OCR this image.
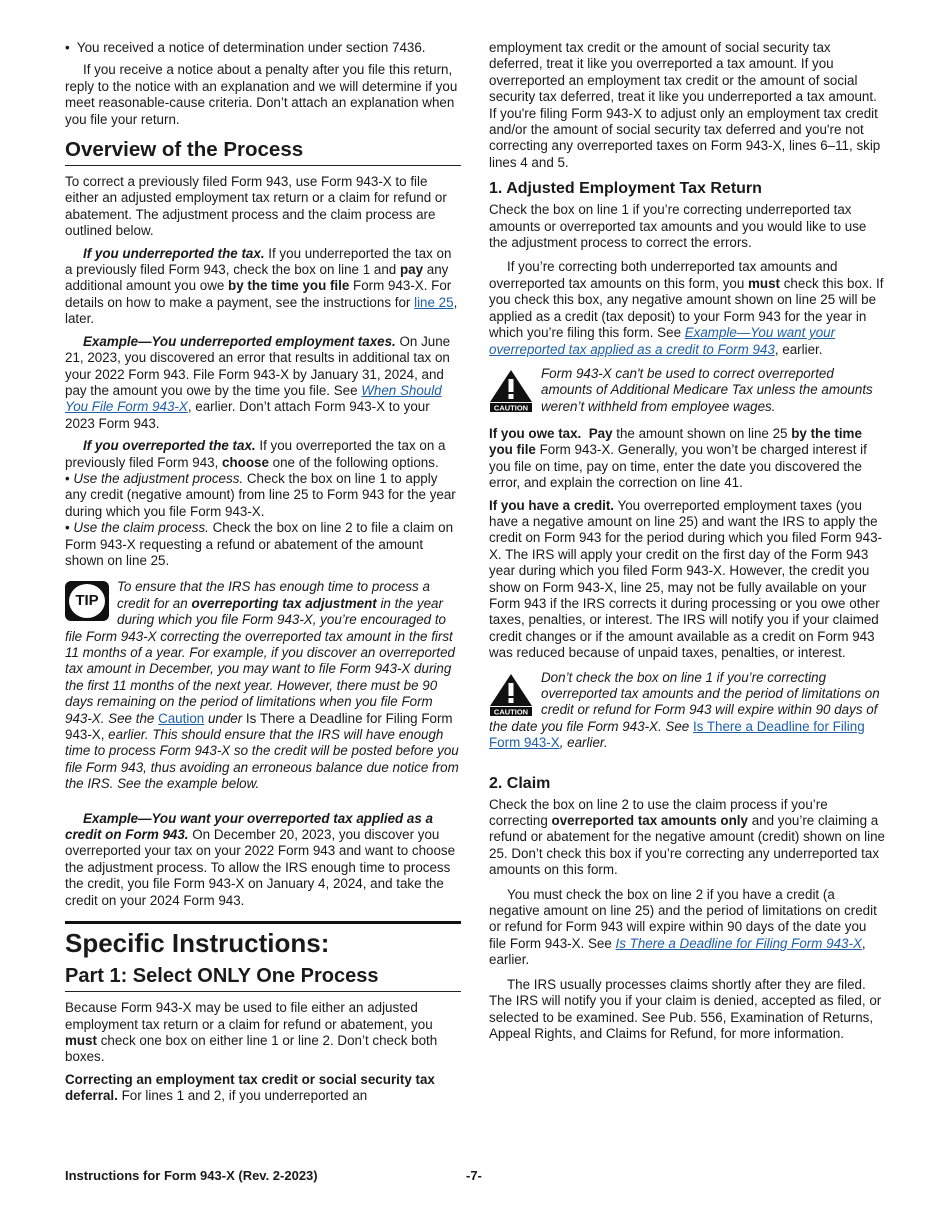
•  You received a notice of determination under section 7436.

If you receive a notice about a penalty after you file this return, reply to the notice with an explanation and we will determine if you meet reasonable-cause criteria. Don’t attach an explanation when you file your return.

Overview of the Process

To correct a previously filed Form 943, use Form 943-X to file either an adjusted employment tax return or a claim for refund or abatement. The adjustment process and the claim process are outlined below.

If you underreported the tax. If you underreported the tax on a previously filed Form 943, check the box on line 1 and pay any additional amount you owe by the time you file Form 943-X. For details on how to make a payment, see the instructions for line 25, later.

Example—You underreported employment taxes. On June 21, 2023, you discovered an error that results in additional tax on your 2022 Form 943. File Form 943-X by January 31, 2024, and pay the amount you owe by the time you file. See When Should You File Form 943-X, earlier. Don’t attach Form 943-X to your 2023 Form 943.

If you overreported the tax. If you overreported the tax on a previously filed Form 943, choose one of the following options.

• Use the adjustment process. Check the box on line 1 to apply any credit (negative amount) from line 25 to Form 943 for the year during which you file Form 943-X.

• Use the claim process. Check the box on line 2 to file a claim on Form 943-X requesting a refund or abatement of the amount shown on line 25.

TIP
To ensure that the IRS has enough time to process a credit for an overreporting tax adjustment in the year during which you file Form 943-X, you’re encouraged to file Form 943-X correcting the overreported tax amount in the first 11 months of a year. For example, if you discover an overreported tax amount in December, you may want to file Form 943-X during the first 11 months of the next year. However, there must be 90 days remaining on the period of limitations when you file Form 943-X. See the Caution under Is There a Deadline for Filing Form 943-X, earlier. This should ensure that the IRS will have enough time to process Form 943-X so the credit will be posted before you file Form 943, thus avoiding an erroneous balance due notice from the IRS. See the example below.

Example—You want your overreported tax applied as a credit on Form 943. On December 20, 2023, you discover you overreported your tax on your 2022 Form 943 and want to choose the adjustment process. To allow the IRS enough time to process the credit, you file Form 943-X on January 4, 2024, and take the credit on your 2024 Form 943.

Specific Instructions:
Part 1: Select ONLY One Process

Because Form 943-X may be used to file either an adjusted employment tax return or a claim for refund or abatement, you must check one box on either line 1 or line 2. Don’t check both boxes.

Correcting an employment tax credit or social security tax deferral. For lines 1 and 2, if you underreported an

employment tax credit or the amount of social security tax deferred, treat it like you overreported a tax amount. If you overreported an employment tax credit or the amount of social security tax deferred, treat it like you underreported a tax amount. If you're filing Form 943-X to adjust only an employment tax credit and/or the amount of social security tax deferred and you're not correcting any overreported taxes on Form 943-X, lines 6–11, skip lines 4 and 5.

1. Adjusted Employment Tax Return

Check the box on line 1 if you’re correcting underreported tax amounts or overreported tax amounts and you would like to use the adjustment process to correct the errors.

If you’re correcting both underreported tax amounts and overreported tax amounts on this form, you must check this box. If you check this box, any negative amount shown on line 25 will be applied as a credit (tax deposit) to your Form 943 for the year in which you’re filing this form. See Example—You want your overreported tax applied as a credit to Form 943, earlier.

CAUTION
Form 943-X can't be used to correct overreported amounts of Additional Medicare Tax unless the amounts weren’t withheld from employee wages.

If you owe tax. Pay the amount shown on line 25 by the time you file Form 943-X. Generally, you won’t be charged interest if you file on time, pay on time, enter the date you discovered the error, and explain the correction on line 41.

If you have a credit. You overreported employment taxes (you have a negative amount on line 25) and want the IRS to apply the credit on Form 943 for the period during which you filed Form 943-X. The IRS will apply your credit on the first day of the Form 943 year during which you filed Form 943-X. However, the credit you show on Form 943-X, line 25, may not be fully available on your Form 943 if the IRS corrects it during processing or you owe other taxes, penalties, or interest. The IRS will notify you if your claimed credit changes or if the amount available as a credit on Form 943 was reduced because of unpaid taxes, penalties, or interest.

CAUTION
Don’t check the box on line 1 if you’re correcting overreported tax amounts and the period of limitations on credit or refund for Form 943 will expire within 90 days of the date you file Form 943-X. See Is There a Deadline for Filing Form 943-X, earlier.
2. Claim

Check the box on line 2 to use the claim process if you’re correcting overreported tax amounts only and you’re claiming a refund or abatement for the negative amount (credit) shown on line 25. Don’t check this box if you’re correcting any underreported tax amounts on this form.

You must check the box on line 2 if you have a credit (a negative amount on line 25) and the period of limitations on credit or refund for Form 943 will expire within 90 days of the date you file Form 943-X. See Is There a Deadline for Filing Form 943-X, earlier.

The IRS usually processes claims shortly after they are filed. The IRS will notify you if your claim is denied, accepted as filed, or selected to be examined. See Pub. 556, Examination of Returns, Appeal Rights, and Claims for Refund, for more information.

Instructions for Form 943-X (Rev. 2-2023)	-7-
